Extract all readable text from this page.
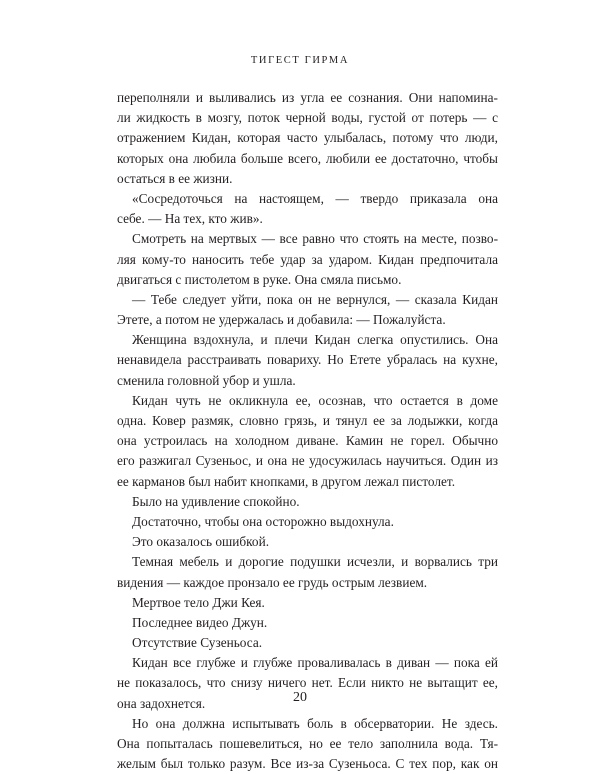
ТИГЕСТ ГИРМА
переполняли и выливались из угла ее сознания. Они напомина-
ли жидкость в мозгу, поток черной воды, густой от потерь — с
отражением Кидан, которая часто улыбалась, потому что люди,
которых она любила больше всего, любили ее достаточно, чтобы
остаться в ее жизни.
«Сосредоточься на настоящем, — твердо приказала она
себе. — На тех, кто жив».
Смотреть на мертвых — все равно что стоять на месте, позво-
ляя кому-то наносить тебе удар за ударом. Кидан предпочитала
двигаться с пистолетом в руке. Она смяла письмо.
— Тебе следует уйти, пока он не вернулся, — сказала Кидан
Этете, а потом не удержалась и добавила: — Пожалуйста.
Женщина вздохнула, и плечи Кидан слегка опустились. Она
ненавидела расстраивать повариху. Но Етете убралась на кухне,
сменила головной убор и ушла.
Кидан чуть не окликнула ее, осознав, что остается в доме
одна. Ковер размяк, словно грязь, и тянул ее за лодыжки, когда
она устроилась на холодном диване. Камин не горел. Обычно
его разжигал Сузеньос, и она не удосужилась научиться. Один из
ее карманов был набит кнопками, в другом лежал пистолет.
Было на удивление спокойно.
Достаточно, чтобы она осторожно выдохнула.
Это оказалось ошибкой.
Темная мебель и дорогие подушки исчезли, и ворвались три
видения — каждое пронзало ее грудь острым лезвием.
Мертвое тело Джи Кея.
Последнее видео Джун.
Отсутствие Сузеньоса.
Кидан все глубже и глубже проваливалась в диван — пока ей
не показалось, что снизу ничего нет. Если никто не вытащит ее,
она задохнется.
Но она должна испытывать боль в обсерватории. Не здесь.
Она попыталась пошевелиться, но ее тело заполнила вода. Тя-
желым был только разум. Все из-за Сузеньоса. С тех пор, как он
20
